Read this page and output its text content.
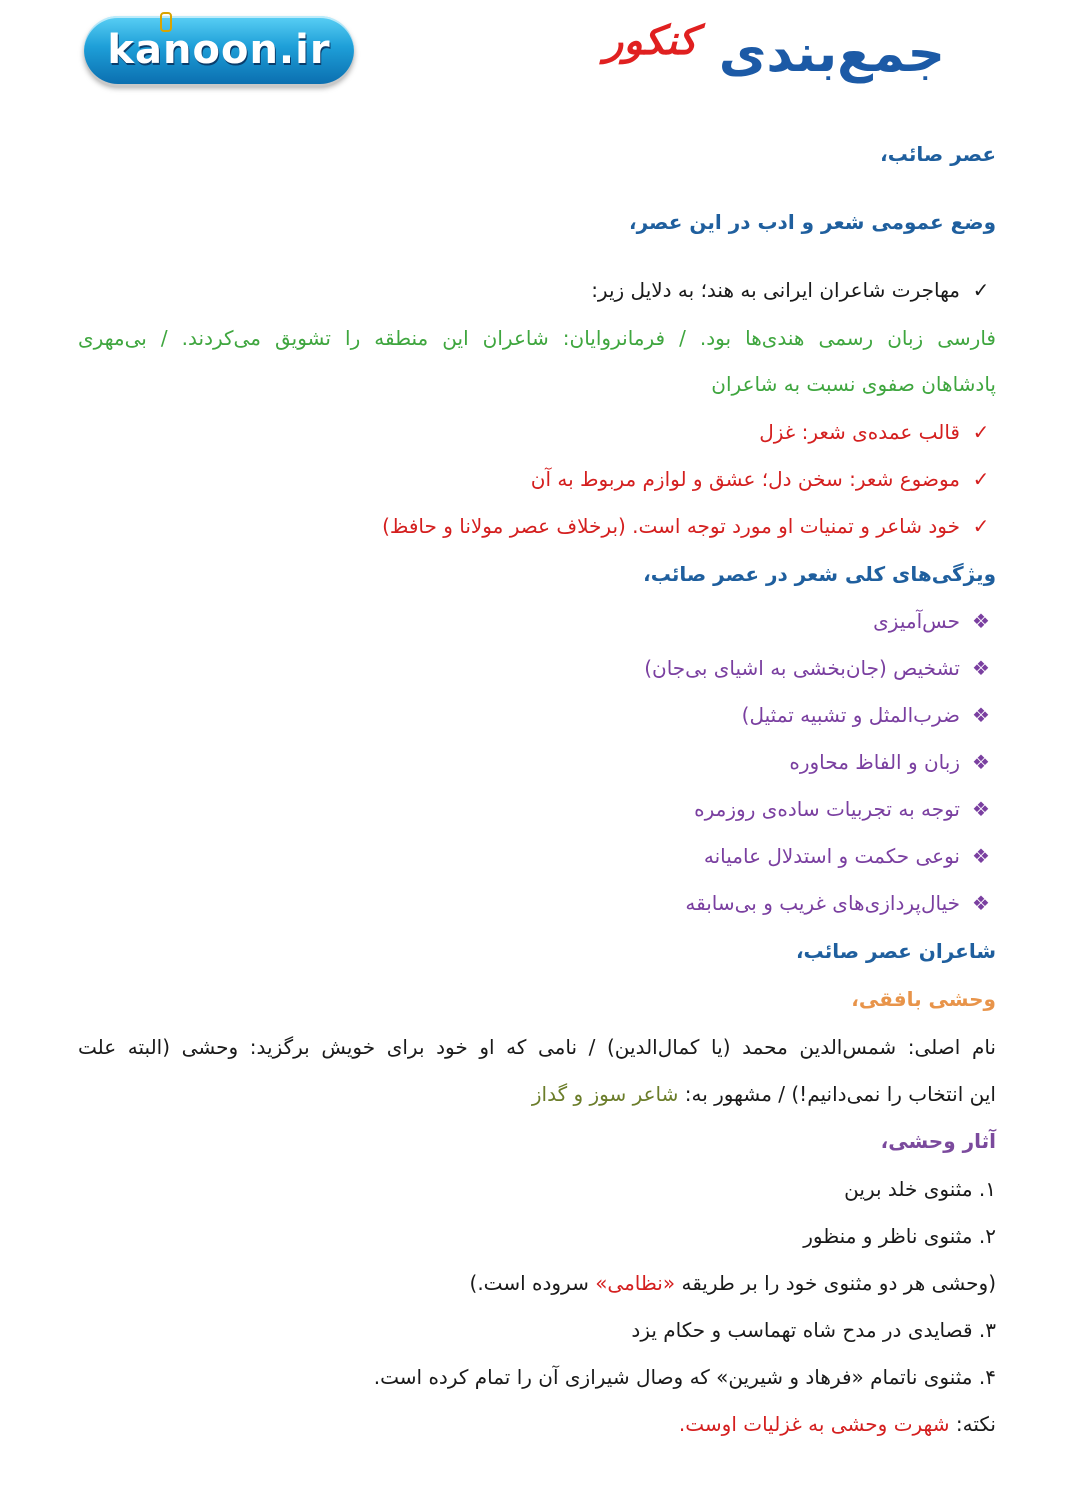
kanoon.ir	جمع‌بندی
کنکور
عصر صائب،
وضع عمومی شعر و ادب در این عصر،
✓مهاجرت شاعران ایرانی به هند؛ به دلایل زیر:
فارسی زبان رسمی هندی‌ها بود. / فرمانروایان: شاعران این منطقه را تشویق می‌کردند. / بی‌مهری
پادشاهان صفوی نسبت به شاعران
✓قالب عمده‌ی شعر: غزل
✓موضوع شعر: سخن دل؛ عشق و لوازم مربوط به آن
✓خود شاعر و تمنیات او مورد توجه است. (برخلاف عصر مولانا و حافظ)
ویژگی‌های کلی شعر در عصر صائب،
❖حس‌آمیزی
❖تشخیص (جان‌بخشی به اشیای بی‌جان)
❖ضرب‌المثل و تشبیه تمثیل)
❖زبان و الفاظ محاوره
❖توجه به تجربیات ساده‌ی روزمره
❖نوعی حکمت و استدلال عامیانه
❖خیال‌پردازی‌های غریب و بی‌سابقه
شاعران عصر صائب،
وحشی بافقی،
نام اصلی: شمس‌الدین محمد (یا کمال‌الدین) / نامی که او خود برای خویش برگزید: وحشی (البته علت
این انتخاب را نمی‌دانیم!) / مشهور به: شاعر سوز و گداز
آثار وحشی،
۱. مثنوی خلد برین
۲. مثنوی ناظر و منظور
(وحشی هر دو مثنوی خود را بر طریقه «نظامی» سروده است.)
۳. قصایدی در مدح شاه تهماسب و حکام یزد
۴. مثنوی ناتمام «فرهاد و شیرین» که وصال شیرازی آن را تمام کرده است.
نکته: شهرت وحشی به غزلیات اوست.
